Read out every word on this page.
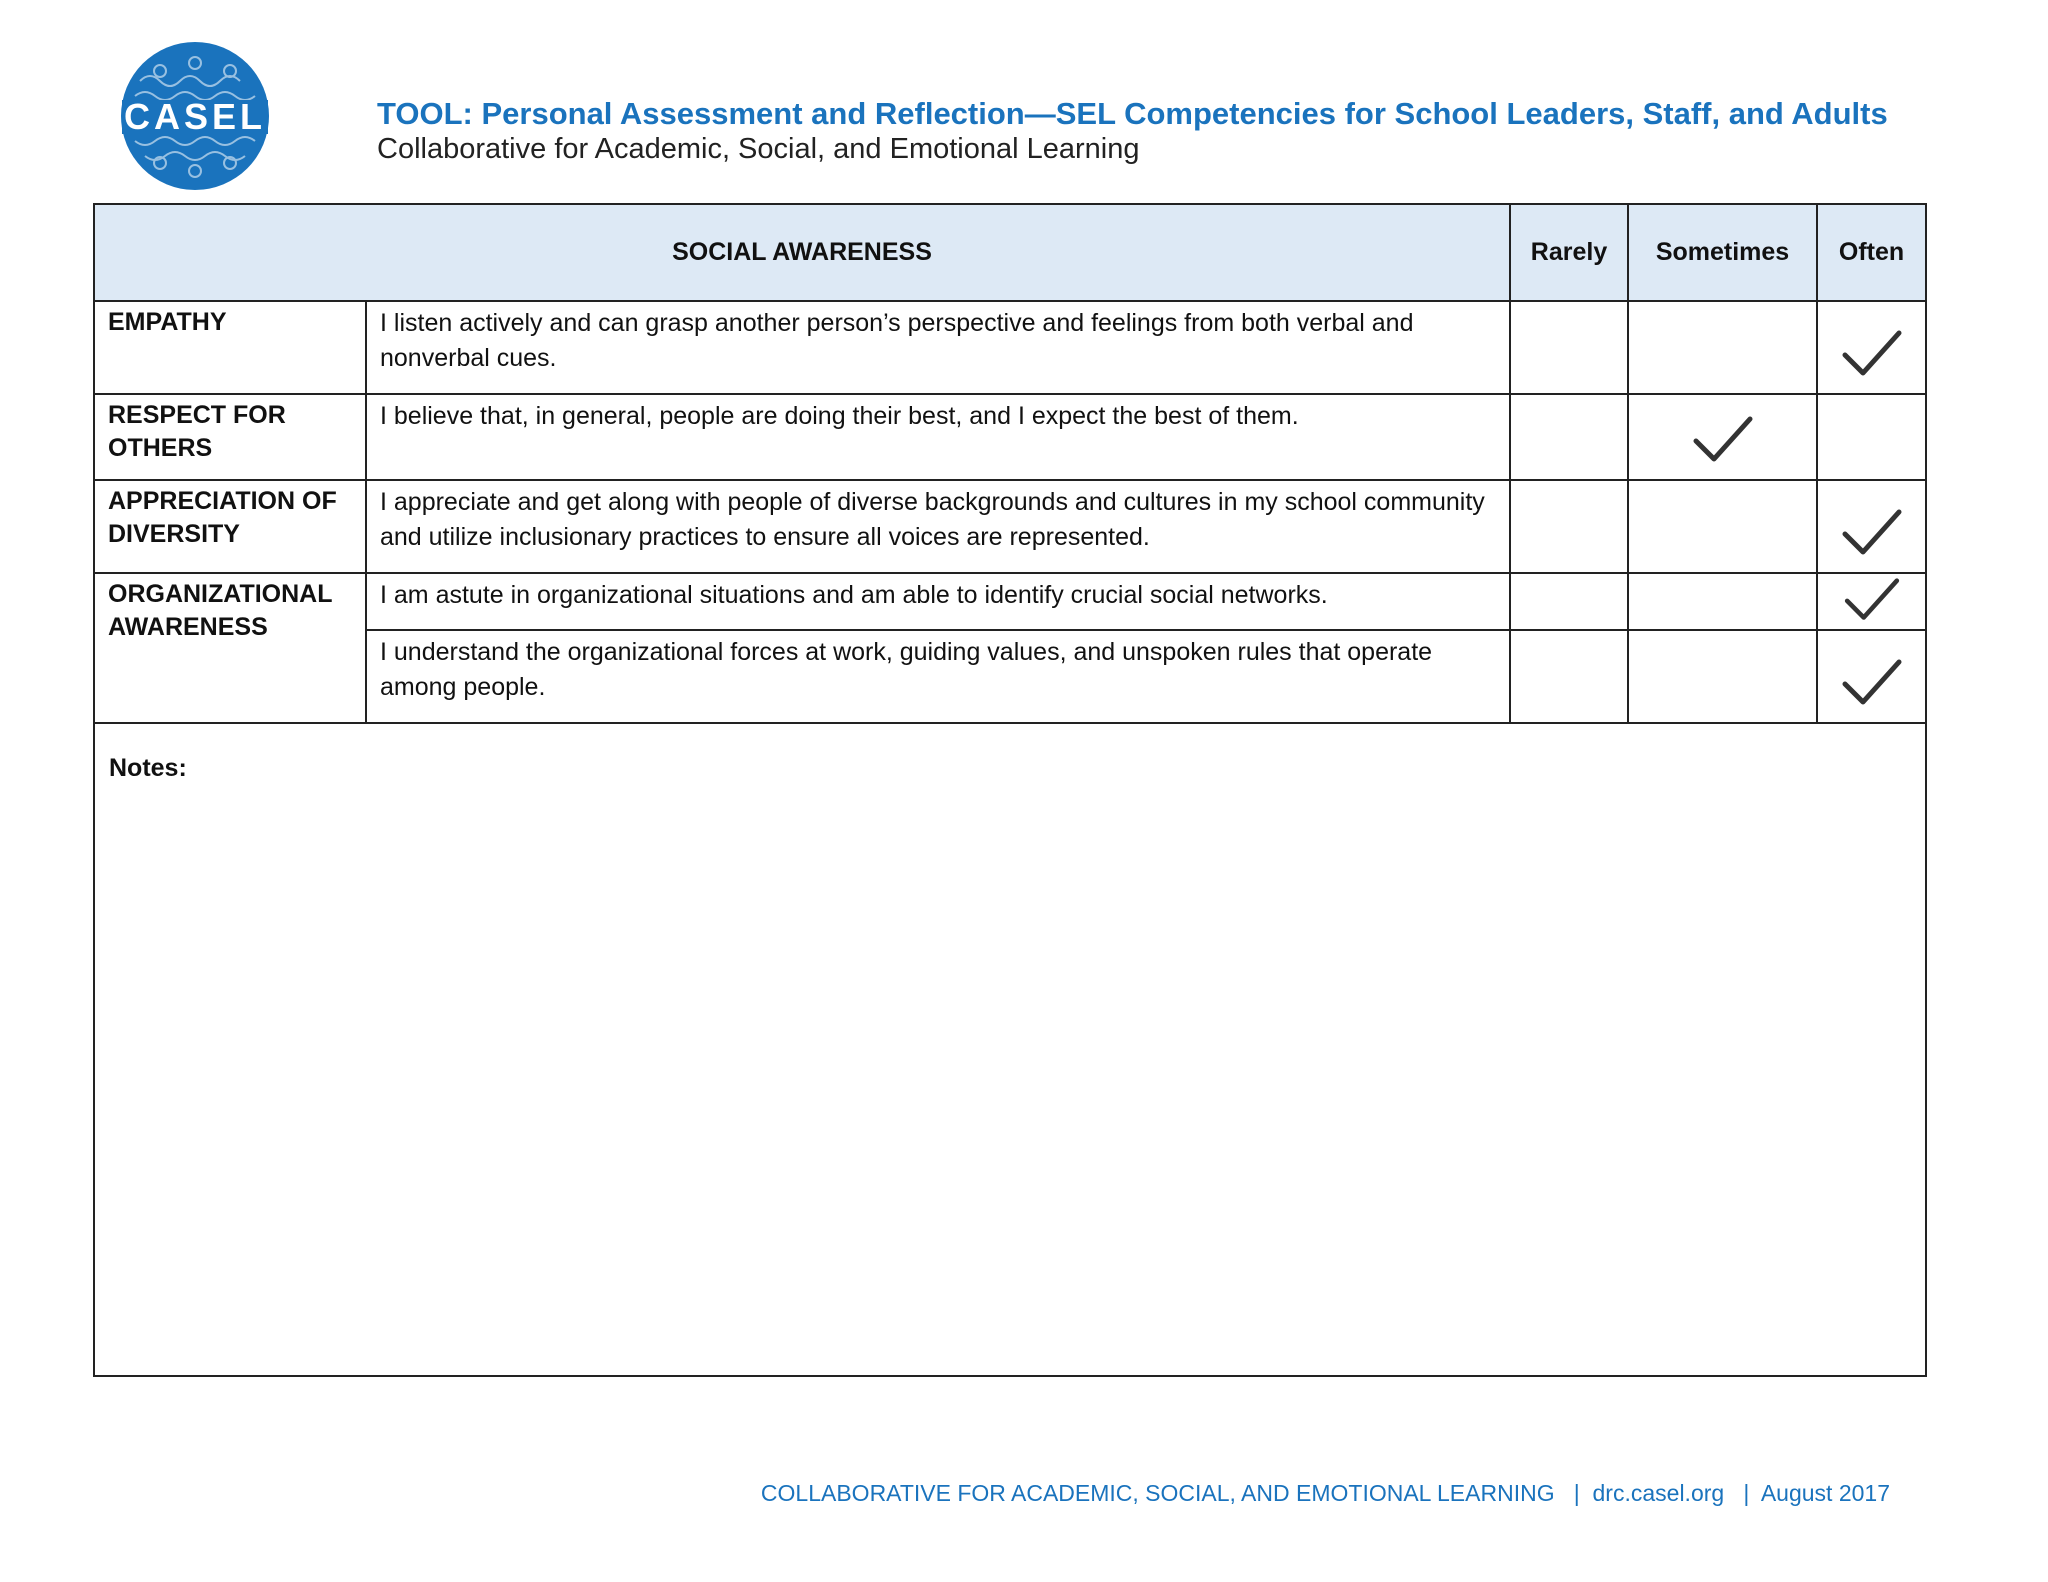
CASEL	TOOL: Personal Assessment and Reflection—SEL Competencies for School Leaders, Staff, and Adults
Collaborative for Academic, Social, and Emotional Learning
SOCIAL AWARENESS		Rarely	Sometimes	Often
EMPATHY	I listen actively and can grasp another person’s perspective and feelings from both verbal and nonverbal cues.			

RESPECT FOR OTHERS	I believe that, in general, people are doing their best, and I expect the best of them.		

APPRECIATION OF DIVERSITY	I appreciate and get along with people of diverse backgrounds and cultures in my school community and utilize inclusionary practices to ensure all voices are represented.			

ORGANIZATIONAL AWARENESS	I am astute in organizational situations and am able to identify crucial social networks.			

	I understand the organizational forces at work, guiding values, and unspoken rules that operate among people.			

Notes:				
COLLABORATIVE FOR ACADEMIC, SOCIAL, AND EMOTIONAL LEARNING   |  drc.casel.org   |  August 2017
